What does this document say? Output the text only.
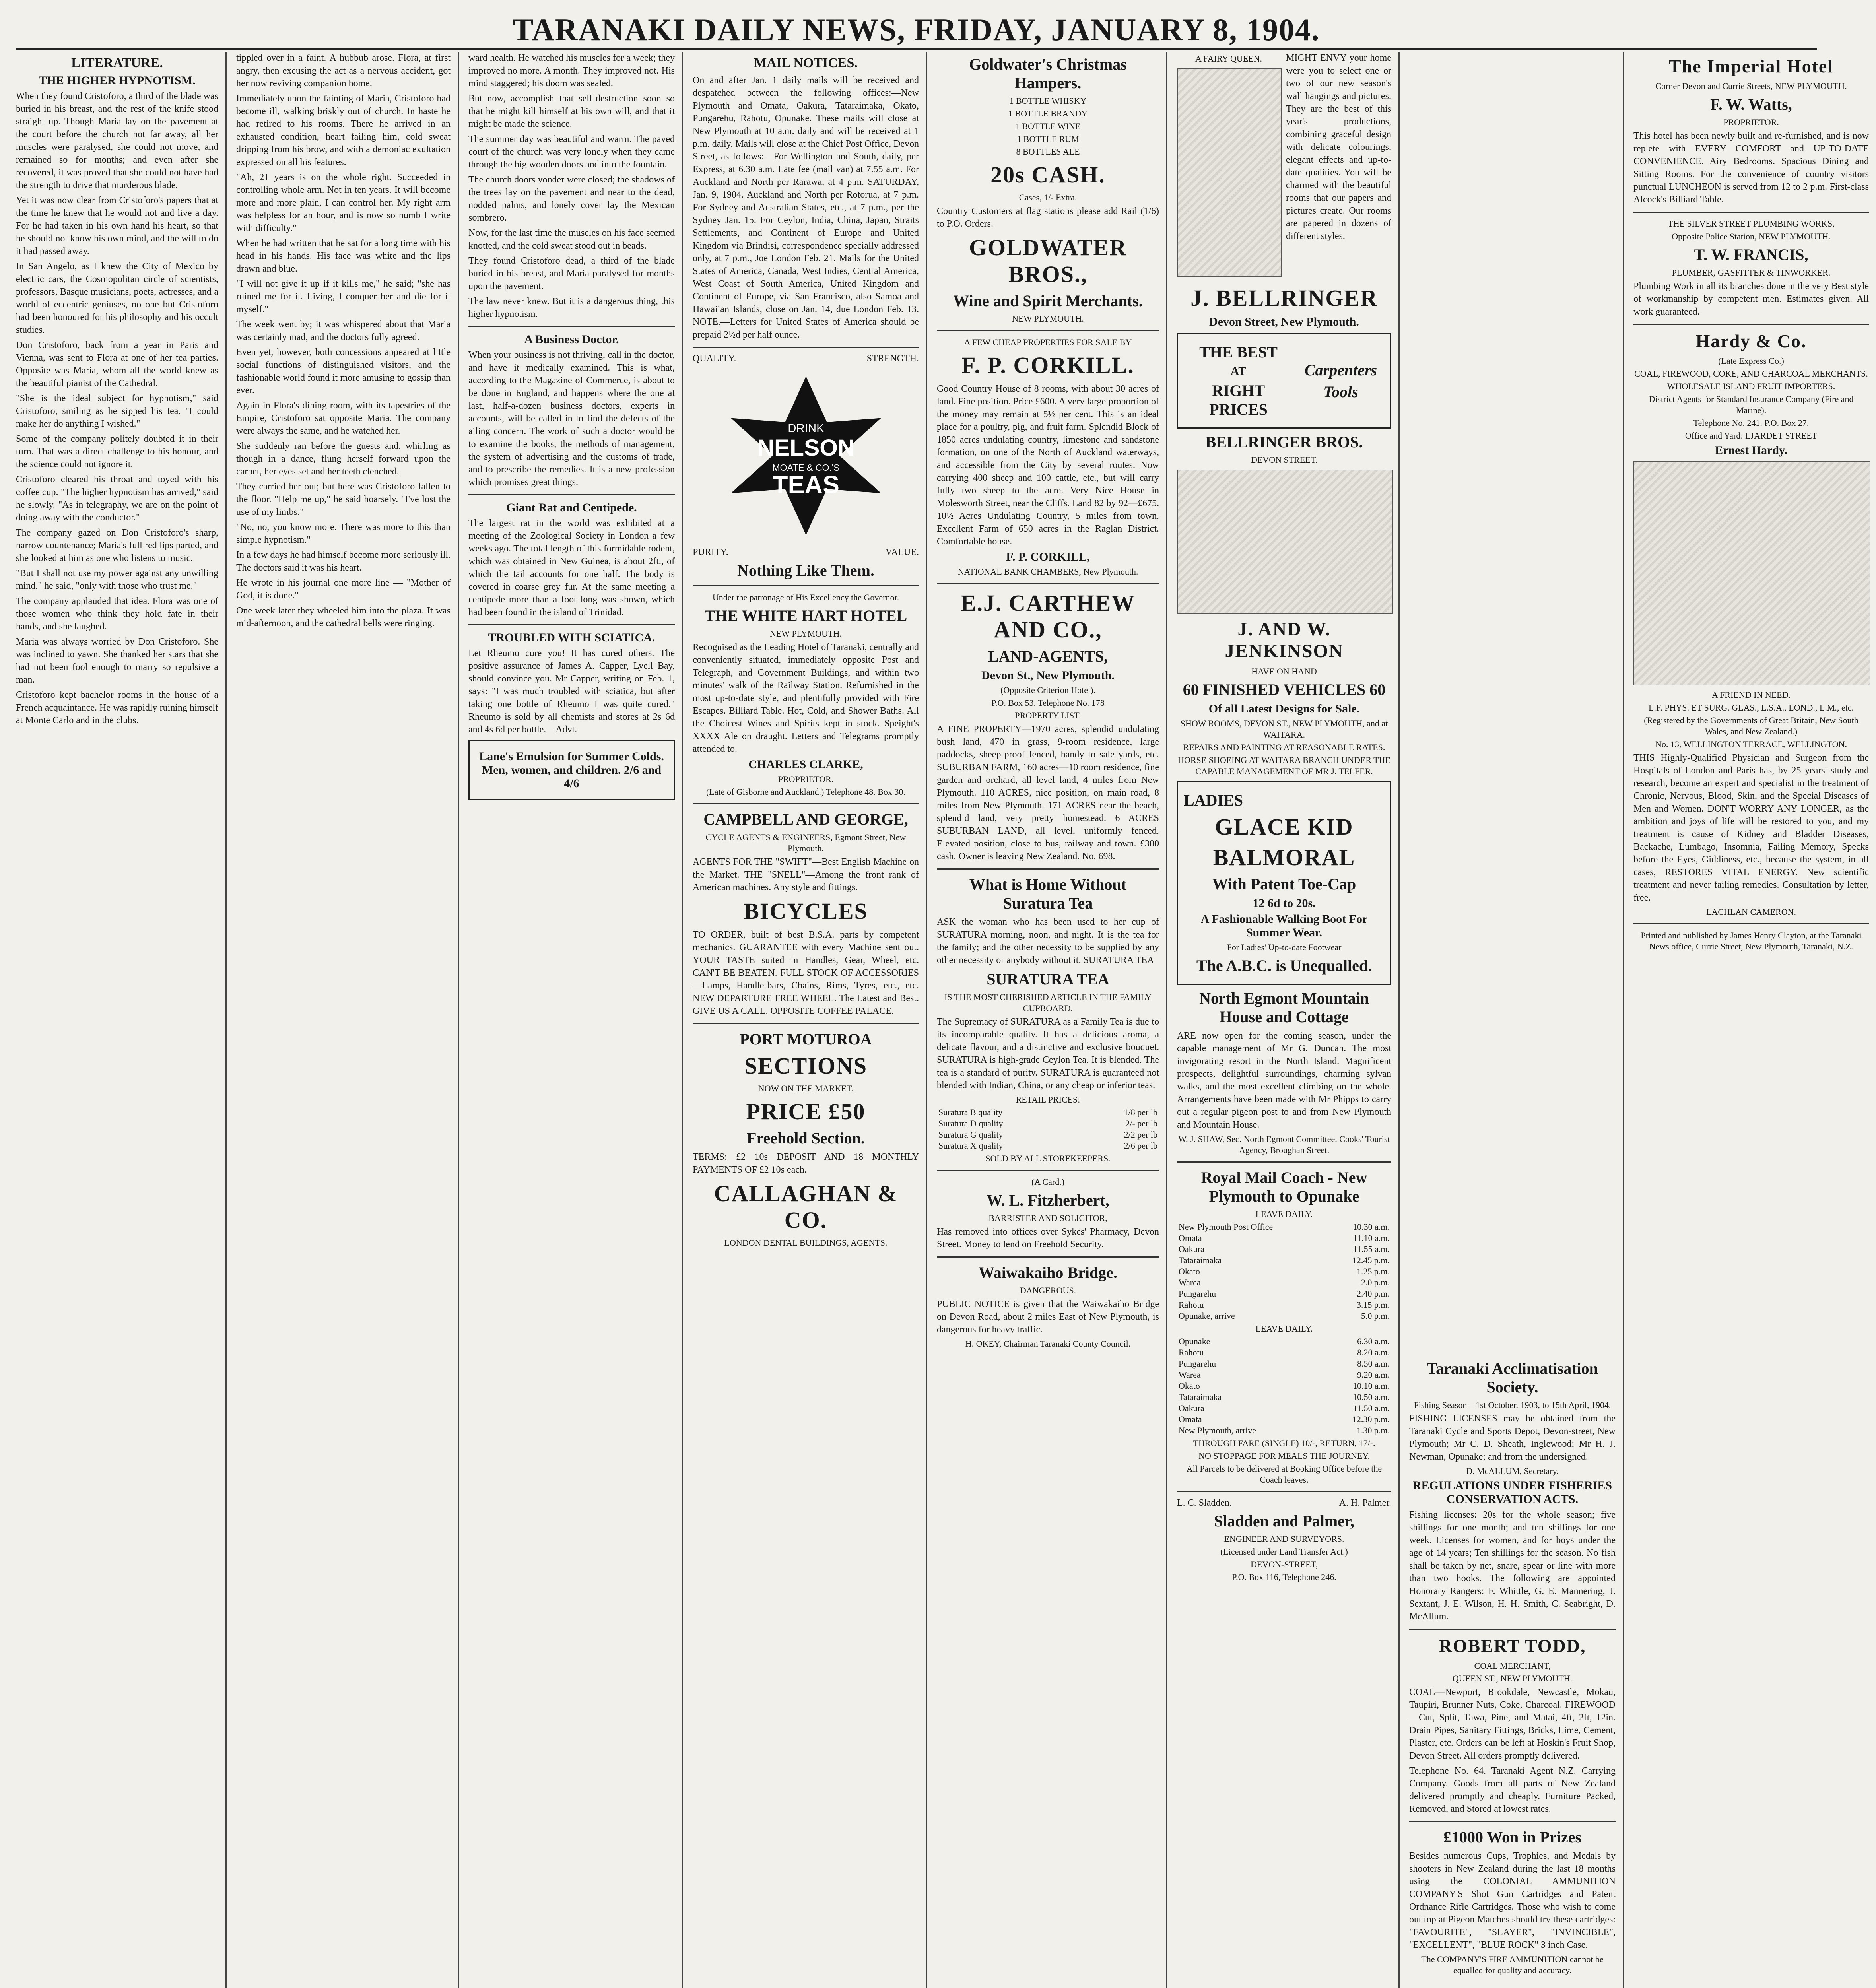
TARANAKI DAILY NEWS, FRIDAY, JANUARY 8, 1904.
LITERATURE.
THE HIGHER HYPNOTISM.

When they found Cristoforo, a third of the blade was buried in his breast, and the rest of the knife stood straight up. Though Maria lay on the pavement at the court before the church not far away, all her muscles were paralysed, she could not move, and remained so for months; and even after she recovered, it was proved that she could not have had the strength to drive that murderous blade.

Yet it was now clear from Cristoforo's papers that at the time he knew that he would not and live a day. For he had taken in his own hand his heart, so that he should not know his own mind, and the will to do it had passed away.

In San Angelo, as I knew the City of Mexico by electric cars, the Cosmopolitan circle of scientists, professors, Basque musicians, poets, actresses, and a world of eccentric geniuses, no one but Cristoforo had been honoured for his philosophy and his occult studies.

Don Cristoforo, back from a year in Paris and Vienna, was sent to Flora at one of her tea parties. Opposite was Maria, whom all the world knew as the beautiful pianist of the Cathedral.

"She is the ideal subject for hypnotism," said Cristoforo, smiling as he sipped his tea. "I could make her do anything I wished."

Some of the company politely doubted it in their turn. That was a direct challenge to his honour, and the science could not ignore it.

Cristoforo cleared his throat and toyed with his coffee cup. "The higher hypnotism has arrived," said he slowly. "As in telegraphy, we are on the point of doing away with the conductor."

The company gazed on Don Cristoforo's sharp, narrow countenance; Maria's full red lips parted, and she looked at him as one who listens to music.

"But I shall not use my power against any unwilling mind," he said, "only with those who trust me."

The company applauded that idea. Flora was one of those women who think they hold fate in their hands, and she laughed.

Maria was always worried by Don Cristoforo. She was inclined to yawn. She thanked her stars that she had not been fool enough to marry so repulsive a man.

Cristoforo kept bachelor rooms in the house of a French acquaintance. He was rapidly ruining himself at Monte Carlo and in the clubs.

tippled over in a faint. A hubbub arose. Flora, at first angry, then excusing the act as a nervous accident, got her now reviving companion home.

Immediately upon the fainting of Maria, Cristoforo had become ill, walking briskly out of church. In haste he had retired to his rooms. There he arrived in an exhausted condition, heart failing him, cold sweat dripping from his brow, and with a demoniac exultation expressed on all his features.

"Ah, 21 years is on the whole right. Succeeded in controlling whole arm. Not in ten years. It will become more and more plain, I can control her. My right arm was helpless for an hour, and is now so numb I write with difficulty."

When he had written that he sat for a long time with his head in his hands. His face was white and the lips drawn and blue.

"I will not give it up if it kills me," he said; "she has ruined me for it. Living, I conquer her and die for it myself."

The week went by; it was whispered about that Maria was certainly mad, and the doctors fully agreed.

Even yet, however, both concessions appeared at little social functions of distinguished visitors, and the fashionable world found it more amusing to gossip than ever.

Again in Flora's dining-room, with its tapestries of the Empire, Cristoforo sat opposite Maria. The company were always the same, and he watched her.

She suddenly ran before the guests and, whirling as though in a dance, flung herself forward upon the carpet, her eyes set and her teeth clenched.

They carried her out; but here was Cristoforo fallen to the floor. "Help me up," he said hoarsely. "I've lost the use of my limbs."

"No, no, you know more. There was more to this than simple hypnotism."

In a few days he had himself become more seriously ill. The doctors said it was his heart.

He wrote in his journal one more line — "Mother of God, it is done."

One week later they wheeled him into the plaza. It was mid-afternoon, and the cathedral bells were ringing.

ward health. He watched his muscles for a week; they improved no more. A month. They improved not. His mind staggered; his doom was sealed.

But now, accomplish that self-destruction soon so that he might kill himself at his own will, and that it might be made the science.

The summer day was beautiful and warm. The paved court of the church was very lonely when they came through the big wooden doors and into the fountain.

The church doors yonder were closed; the shadows of the trees lay on the pavement and near to the dead, nodded palms, and lonely cover lay the Mexican sombrero.

Now, for the last time the muscles on his face seemed knotted, and the cold sweat stood out in beads.

They found Cristoforo dead, a third of the blade buried in his breast, and Maria paralysed for months upon the pavement.

The law never knew. But it is a dangerous thing, this higher hypnotism.

A Business Doctor.

When your business is not thriving, call in the doctor, and have it medically examined. This is what, according to the Magazine of Commerce, is about to be done in England, and happens where the one at last, half-a-dozen business doctors, experts in accounts, will be called in to find the defects of the ailing concern. The work of such a doctor would be to examine the books, the methods of management, the system of advertising and the customs of trade, and to prescribe the remedies. It is a new profession which promises great things.

Giant Rat and Centipede.

The largest rat in the world was exhibited at a meeting of the Zoological Society in London a few weeks ago. The total length of this formidable rodent, which was obtained in New Guinea, is about 2ft., of which the tail accounts for one half. The body is covered in coarse grey fur. At the same meeting a centipede more than a foot long was shown, which had been found in the island of Trinidad.

TROUBLED WITH SCIATICA.

Let Rheumo cure you! It has cured others. The positive assurance of James A. Capper, Lyell Bay, should convince you. Mr Capper, writing on Feb. 1, says: "I was much troubled with sciatica, but after taking one bottle of Rheumo I was quite cured." Rheumo is sold by all chemists and stores at 2s 6d and 4s 6d per bottle.—Advt.

Lane's Emulsion for Summer Colds. Men, women, and children. 2/6 and 4/6
MAIL NOTICES.

On and after Jan. 1 daily mails will be received and despatched between the following offices:—New Plymouth and Omata, Oakura, Tataraimaka, Okato, Pungarehu, Rahotu, Opunake. These mails will close at New Plymouth at 10 a.m. daily and will be received at 1 p.m. daily. Mails will close at the Chief Post Office, Devon Street, as follows:—For Wellington and South, daily, per Express, at 6.30 a.m. Late fee (mail van) at 7.55 a.m. For Auckland and North per Rarawa, at 4 p.m. SATURDAY, Jan. 9, 1904. Auckland and North per Rotorua, at 7 p.m. For Sydney and Australian States, etc., at 7 p.m., per the Sydney Jan. 15. For Ceylon, India, China, Japan, Straits Settlements, and Continent of Europe and United Kingdom via Brindisi, correspondence specially addressed only, at 7 p.m., Joe London Feb. 21. Mails for the United States of America, Canada, West Indies, Central America, West Coast of South America, United Kingdom and Continent of Europe, via San Francisco, also Samoa and Hawaiian Islands, close on Jan. 14, due London Feb. 13. NOTE.—Letters for United States of America should be prepaid 2½d per half ounce.

QUALITY.	STRENGTH.
DRINK
NELSON
MOATE & CO.'S
TEAS
PURITY.	VALUE.
Nothing Like Them.

Under the patronage of His Excellency the Governor.

THE WHITE HART HOTEL

NEW PLYMOUTH.

Recognised as the Leading Hotel of Taranaki, centrally and conveniently situated, immediately opposite Post and Telegraph, and Government Buildings, and within two minutes' walk of the Railway Station. Refurnished in the most up-to-date style, and plentifully provided with Fire Escapes. Billiard Table. Hot, Cold, and Shower Baths. All the Choicest Wines and Spirits kept in stock. Speight's XXXX Ale on draught. Letters and Telegrams promptly attended to.

CHARLES CLARKE,

PROPRIETOR.

(Late of Gisborne and Auckland.) Telephone 48. Box 30.

CAMPBELL AND GEORGE,

CYCLE AGENTS & ENGINEERS, Egmont Street, New Plymouth.

AGENTS FOR THE "SWIFT"—Best English Machine on the Market. THE "SNELL"—Among the front rank of American machines. Any style and fittings.

BICYCLES

TO ORDER, built of best B.S.A. parts by competent mechanics. GUARANTEE with every Machine sent out. YOUR TASTE suited in Handles, Gear, Wheel, etc. CAN'T BE BEATEN. FULL STOCK OF ACCESSORIES—Lamps, Handle-bars, Chains, Rims, Tyres, etc., etc. NEW DEPARTURE FREE WHEEL. The Latest and Best. GIVE US A CALL. OPPOSITE COFFEE PALACE.

PORT MOTUROA
SECTIONS

NOW ON THE MARKET.

PRICE £50
Freehold Section.

TERMS: £2 10s DEPOSIT AND 18 MONTHLY PAYMENTS OF £2 10s each.

CALLAGHAN & CO.

LONDON DENTAL BUILDINGS, AGENTS.

Goldwater's Christmas Hampers.

1 BOTTLE WHISKY

1 BOTTLE BRANDY

1 BOTTLE WINE

1 BOTTLE RUM

8 BOTTLES ALE

20s CASH.

Cases, 1/- Extra.

Country Customers at flag stations please add Rail (1/6) to P.O. Orders.

GOLDWATER BROS.,
Wine and Spirit Merchants.

NEW PLYMOUTH.

A FEW CHEAP PROPERTIES FOR SALE BY

F. P. CORKILL.

Good Country House of 8 rooms, with about 30 acres of land. Fine position. Price £600. A very large proportion of the money may remain at 5½ per cent. This is an ideal place for a poultry, pig, and fruit farm. Splendid Block of 1850 acres undulating country, limestone and sandstone formation, on one of the North of Auckland waterways, and accessible from the City by several routes. Now carrying 400 sheep and 100 cattle, etc., but will carry fully two sheep to the acre. Very Nice House in Molesworth Street, near the Cliffs. Land 82 by 92—£675. 10½ Acres Undulating Country, 5 miles from town. Excellent Farm of 650 acres in the Raglan District. Comfortable house.

F. P. CORKILL,

NATIONAL BANK CHAMBERS, New Plymouth.

E.J. CARTHEW AND CO.,
LAND-AGENTS,
Devon St., New Plymouth.

(Opposite Criterion Hotel).

P.O. Box 53. Telephone No. 178

PROPERTY LIST.

A FINE PROPERTY—1970 acres, splendid undulating bush land, 470 in grass, 9-room residence, large paddocks, sheep-proof fenced, handy to sale yards, etc. SUBURBAN FARM, 160 acres—10 room residence, fine garden and orchard, all level land, 4 miles from New Plymouth. 110 ACRES, nice position, on main road, 8 miles from New Plymouth. 171 ACRES near the beach, splendid land, very pretty homestead. 6 ACRES SUBURBAN LAND, all level, uniformly fenced. Elevated position, close to bus, railway and town. £300 cash. Owner is leaving New Zealand. No. 698.

What is Home Without Suratura Tea

ASK the woman who has been used to her cup of SURATURA morning, noon, and night. It is the tea for the family; and the other necessity to be supplied by any other necessity or anybody without it. SURATURA TEA

SURATURA TEA

IS THE MOST CHERISHED ARTICLE IN THE FAMILY CUPBOARD.

The Supremacy of SURATURA as a Family Tea is due to its incomparable quality. It has a delicious aroma, a delicate flavour, and a distinctive and exclusive bouquet. SURATURA is high-grade Ceylon Tea. It is blended. The tea is a standard of purity. SURATURA is guaranteed not blended with Indian, China, or any cheap or inferior teas.

RETAIL PRICES:

Suratura B quality	1/8 per lb
Suratura D quality	2/- per lb
Suratura G quality	2/2 per lb
Suratura X quality	2/6 per lb

SOLD BY ALL STOREKEEPERS.

(A Card.)

W. L. Fitzherbert,

BARRISTER AND SOLICITOR,

Has removed into offices over Sykes' Pharmacy, Devon Street. Money to lend on Freehold Security.

Waiwakaiho Bridge.

DANGEROUS.

PUBLIC NOTICE is given that the Waiwakaiho Bridge on Devon Road, about 2 miles East of New Plymouth, is dangerous for heavy traffic.

H. OKEY, Chairman Taranaki County Council.

A FAIRY QUEEN.	MIGHT ENVY your home were you to select one or two of our new season's wall hangings and pictures. They are the best of this year's productions, combining graceful design with delicate colourings, elegant effects and up-to-date qualities. You will be charmed with the beautiful rooms that our papers and pictures create. Our rooms are papered in dozens of different styles.

J. BELLRINGER
Devon Street, New Plymouth.
THE BEST
AT
RIGHT PRICES
Carpenters
Tools
BELLRINGER BROS.

DEVON STREET.

J. AND W. JENKINSON

HAVE ON HAND

60 FINISHED VEHICLES 60
Of all Latest Designs for Sale.

SHOW ROOMS, DEVON ST., NEW PLYMOUTH, and at WAITARA.

REPAIRS AND PAINTING AT REASONABLE RATES.

HORSE SHOEING AT WAITARA BRANCH UNDER THE CAPABLE MANAGEMENT OF MR J. TELFER.

LADIES
GLACE KID
BALMORAL
With Patent Toe-Cap
12 6d to 20s.
A Fashionable Walking Boot For Summer Wear.

For Ladies' Up-to-date Footwear

The A.B.C. is Unequalled.
North Egmont Mountain House and Cottage

ARE now open for the coming season, under the capable management of Mr G. Duncan. The most invigorating resort in the North Island. Magnificent prospects, delightful surroundings, charming sylvan walks, and the most excellent climbing on the whole. Arrangements have been made with Mr Phipps to carry out a regular pigeon post to and from New Plymouth and Mountain House.

W. J. SHAW, Sec. North Egmont Committee. Cooks' Tourist Agency, Broughan Street.

Royal Mail Coach - New Plymouth to Opunake

LEAVE DAILY.

New Plymouth Post Office	10.30 a.m.
Omata	11.10 a.m.
Oakura	11.55 a.m.
Tataraimaka	12.45 p.m.
Okato	1.25 p.m.
Warea	2.0 p.m.
Pungarehu	2.40 p.m.
Rahotu	3.15 p.m.
Opunake, arrive	5.0 p.m.

LEAVE DAILY.

Opunake	6.30 a.m.
Rahotu	8.20 a.m.
Pungarehu	8.50 a.m.
Warea	9.20 a.m.
Okato	10.10 a.m.
Tataraimaka	10.50 a.m.
Oakura	11.50 a.m.
Omata	12.30 p.m.
New Plymouth, arrive	1.30 p.m.

THROUGH FARE (SINGLE) 10/-, RETURN, 17/-.

NO STOPPAGE FOR MEALS THE JOURNEY.

All Parcels to be delivered at Booking Office before the Coach leaves.

L. C. Sladden.	A. H. Palmer.
Sladden and Palmer,

ENGINEER AND SURVEYORS.

(Licensed under Land Transfer Act.)

DEVON-STREET,

P.O. Box 116, Telephone 246.

Taranaki Acclimatisation Society.

Fishing Season—1st October, 1903, to 15th April, 1904.

FISHING LICENSES may be obtained from the Taranaki Cycle and Sports Depot, Devon-street, New Plymouth; Mr C. D. Sheath, Inglewood; Mr H. J. Newman, Opunake; and from the undersigned.

D. McALLUM, Secretary.

REGULATIONS UNDER FISHERIES CONSERVATION ACTS.

Fishing licenses: 20s for the whole season; five shillings for one month; and ten shillings for one week. Licenses for women, and for boys under the age of 14 years; Ten shillings for the season. No fish shall be taken by net, snare, spear or line with more than two hooks. The following are appointed Honorary Rangers: F. Whittle, G. E. Mannering, J. Sextant, J. E. Wilson, H. H. Smith, C. Seabright, D. McAllum.

ROBERT TODD,

COAL MERCHANT,

QUEEN ST., NEW PLYMOUTH.

COAL—Newport, Brookdale, Newcastle, Mokau, Taupiri, Brunner Nuts, Coke, Charcoal. FIREWOOD—Cut, Split, Tawa, Pine, and Matai, 4ft, 2ft, 12in. Drain Pipes, Sanitary Fittings, Bricks, Lime, Cement, Plaster, etc. Orders can be left at Hoskin's Fruit Shop, Devon Street. All orders promptly delivered.

Telephone No. 64. Taranaki Agent N.Z. Carrying Company. Goods from all parts of New Zealand delivered promptly and cheaply. Furniture Packed, Removed, and Stored at lowest rates.

£1000 Won in Prizes

Besides numerous Cups, Trophies, and Medals by shooters in New Zealand during the last 18 months using the COLONIAL AMMUNITION COMPANY'S Shot Gun Cartridges and Patent Ordnance Rifle Cartridges. Those who wish to come out top at Pigeon Matches should try these cartridges: "FAVOURITE", "SLAYER", "INVINCIBLE", "EXCELLENT", "BLUE ROCK" 3 inch Case.

The COMPANY'S FIRE AMMUNITION cannot be equalled for quality and accuracy.

The Imperial Hotel

Corner Devon and Currie Streets, NEW PLYMOUTH.

F. W. Watts,

PROPRIETOR.

This hotel has been newly built and re-furnished, and is now replete with EVERY COMFORT and UP-TO-DATE CONVENIENCE. Airy Bedrooms. Spacious Dining and Sitting Rooms. For the convenience of country visitors punctual LUNCHEON is served from 12 to 2 p.m. First-class Alcock's Billiard Table.

THE SILVER STREET PLUMBING WORKS,

Opposite Police Station, NEW PLYMOUTH.

T. W. FRANCIS,

PLUMBER, GASFITTER & TINWORKER.

Plumbing Work in all its branches done in the very Best style of workmanship by competent men. Estimates given. All work guaranteed.

Hardy & Co.

(Late Express Co.)

COAL, FIREWOOD, COKE, AND CHARCOAL MERCHANTS.

WHOLESALE ISLAND FRUIT IMPORTERS.

District Agents for Standard Insurance Company (Fire and Marine).

Telephone No. 241. P.O. Box 27.

Office and Yard: LJARDET STREET

Ernest Hardy.

A FRIEND IN NEED.

L.F. PHYS. ET SURG. GLAS., L.S.A., LOND., L.M., etc.

(Registered by the Governments of Great Britain, New South Wales, and New Zealand.)

No. 13, WELLINGTON TERRACE, WELLINGTON.

THIS Highly-Qualified Physician and Surgeon from the Hospitals of London and Paris has, by 25 years' study and research, become an expert and specialist in the treatment of Chronic, Nervous, Blood, Skin, and the Special Diseases of Men and Women. DON'T WORRY ANY LONGER, as the ambition and joys of life will be restored to you, and my treatment is cause of Kidney and Bladder Diseases, Backache, Lumbago, Insomnia, Failing Memory, Specks before the Eyes, Giddiness, etc., because the system, in all cases, RESTORES VITAL ENERGY. New scientific treatment and never failing remedies. Consultation by letter, free.

LACHLAN CAMERON.

Printed and published by James Henry Clayton, at the Taranaki News office, Currie Street, New Plymouth, Taranaki, N.Z.
